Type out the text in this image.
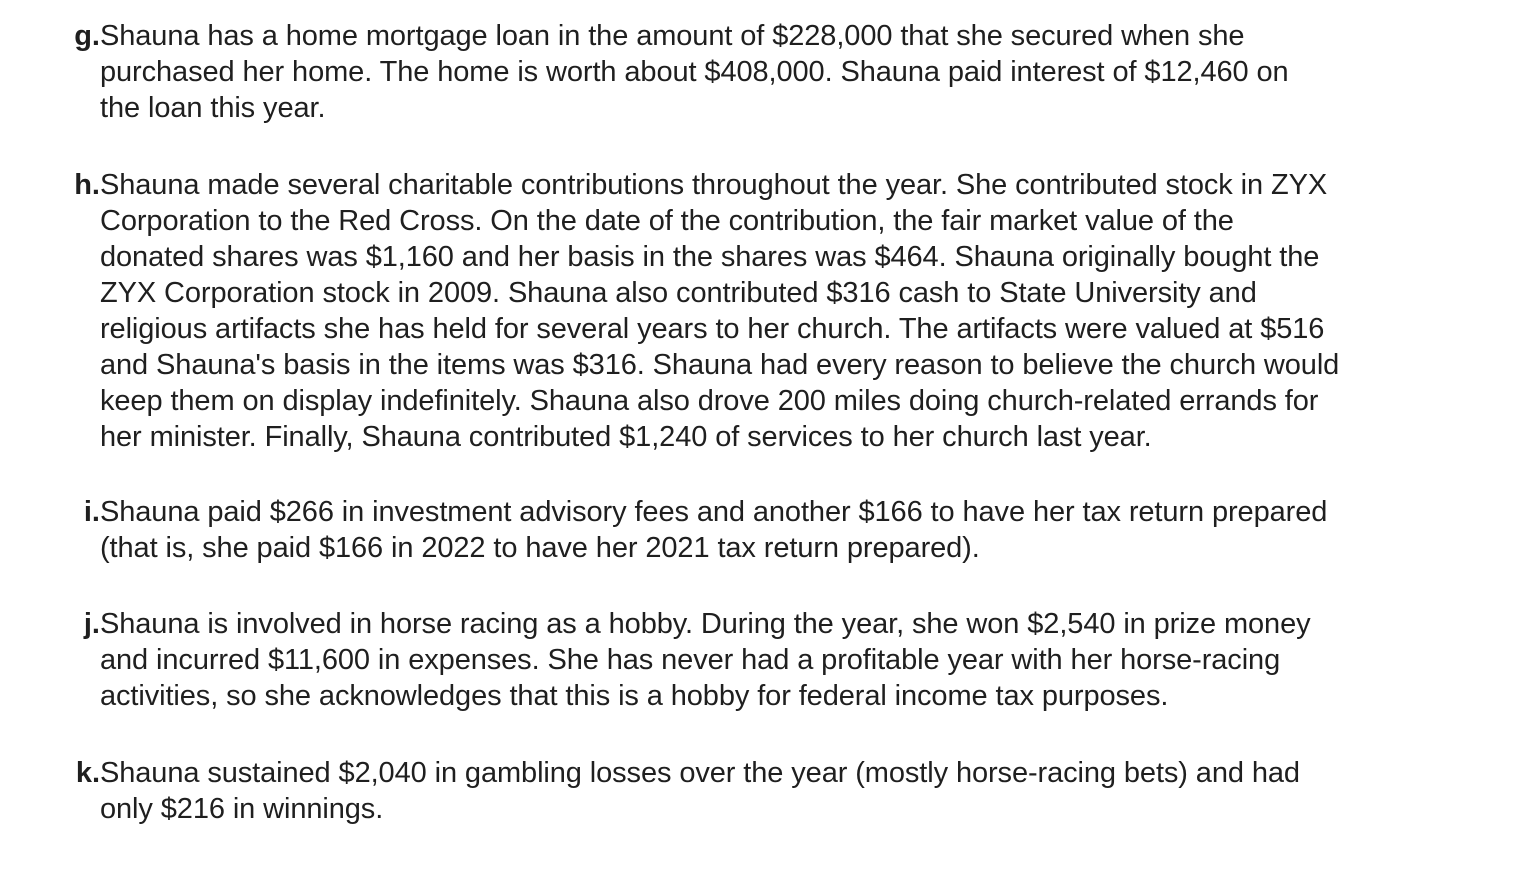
g. Shauna has a home mortgage loan in the amount of $228,000 that she secured when she
purchased her home. The home is worth about $408,000. Shauna paid interest of $12,460 on
the loan this year.
h. Shauna made several charitable contributions throughout the year. She contributed stock in ZYX
Corporation to the Red Cross. On the date of the contribution, the fair market value of the
donated shares was $1,160 and her basis in the shares was $464. Shauna originally bought the
ZYX Corporation stock in 2009. Shauna also contributed $316 cash to State University and
religious artifacts she has held for several years to her church. The artifacts were valued at $516
and Shauna's basis in the items was $316. Shauna had every reason to believe the church would
keep them on display indefinitely. Shauna also drove 200 miles doing church-related errands for
her minister. Finally, Shauna contributed $1,240 of services to her church last year.
i. Shauna paid $266 in investment advisory fees and another $166 to have her tax return prepared
(that is, she paid $166 in 2022 to have her 2021 tax return prepared).
j. Shauna is involved in horse racing as a hobby. During the year, she won $2,540 in prize money
and incurred $11,600 in expenses. She has never had a profitable year with her horse-racing
activities, so she acknowledges that this is a hobby for federal income tax purposes.
k. Shauna sustained $2,040 in gambling losses over the year (mostly horse-racing bets) and had
only $216 in winnings.
